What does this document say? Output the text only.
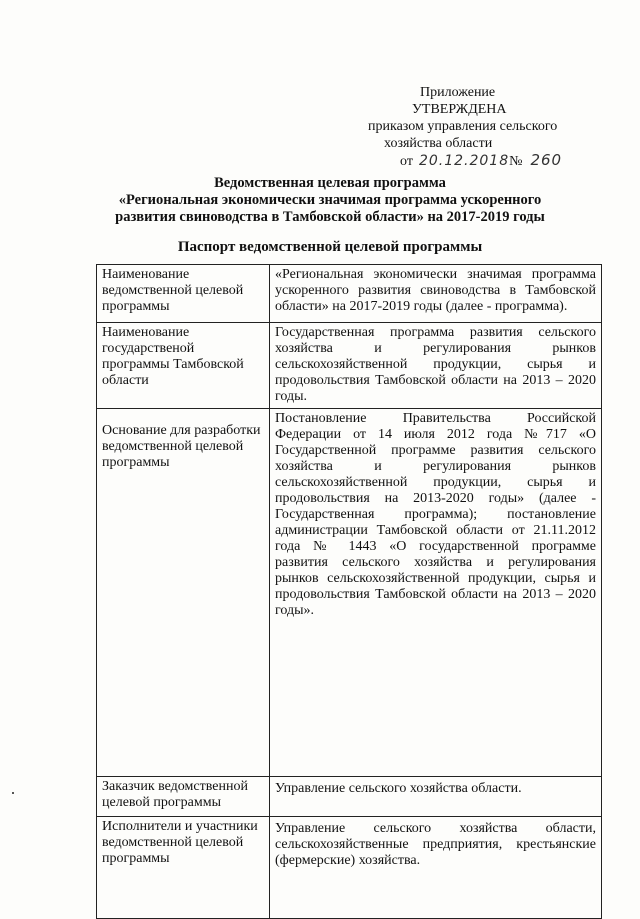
Приложение
УТВЕРЖДЕНА
приказом управления сельского
хозяйства области
от 20.12.2018 № 260
Ведомственная целевая программа
«Региональная экономически значимая программа ускоренного
развития свиноводства в Тамбовской области» на 2017-2019 годы
Паспорт ведомственной целевой программы
Наименование ведомственной целевой программы	«Региональная экономически значимая программа ускоренного развития свиноводства в Тамбовской области» на 2017-2019 годы (далее - программа).
Наименование государственой программы Тамбовской области	Государственная программа развития сельского хозяйства и регулирования рынков сельскохозяйственной продукции, сырья и продовольствия Тамбовской области на 2013 – 2020 годы.

Основание для разработки ведомственной целевой программы	Постановление Правительства Российской Федерации от 14 июля 2012 года №717 «О Государственной программе развития сельского хозяйства и регулирования рынков сельскохозяйственной продукции, сырья и продовольствия на 2013-2020 годы» (далее - Государственная программа); постановление администрации Тамбовской области от 21.11.2012 года № 1443 «О государственной программе развития сельского хозяйства и регулирования рынков сельскохозяйственной продукции, сырья и продовольствия Тамбовской области на 2013 – 2020 годы».
Заказчик ведомственной целевой программы	Управление сельского хозяйства области.
Исполнители и участники ведомственной целевой программы	Управление сельского хозяйства области, сельскохозяйственные предприятия, крестьянские (фермерские) хозяйства.
